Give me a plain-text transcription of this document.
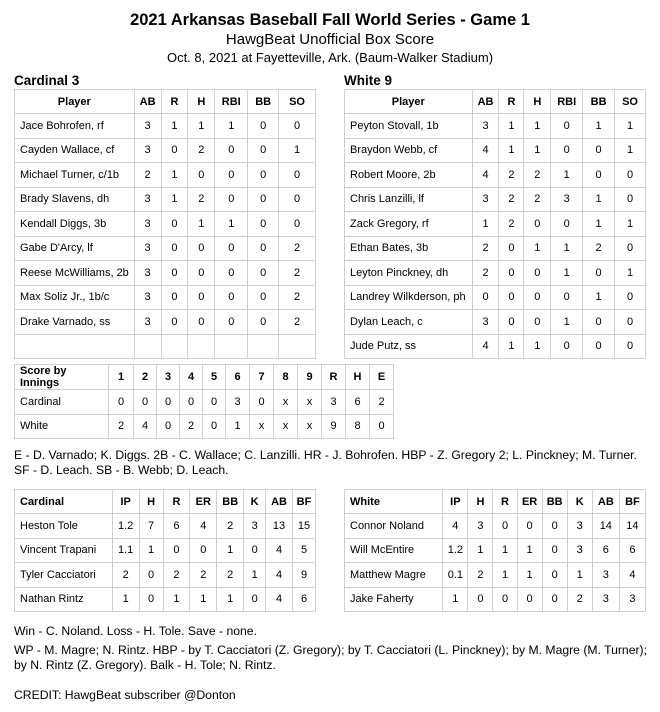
2021 Arkansas Baseball Fall World Series - Game 1
HawgBeat Unofficial Box Score
Oct. 8, 2021 at Fayetteville, Ark. (Baum-Walker Stadium)
Cardinal 3	White 9
Player	AB	R	H	RBI	BB	SO
Jace Bohrofen, rf	3	1	1	1	0	0
Cayden Wallace, cf	3	0	2	0	0	1
Michael Turner, c/1b	2	1	0	0	0	0
Brady Slavens, dh	3	1	2	0	0	0
Kendall Diggs, 3b	3	0	1	1	0	0
Gabe D'Arcy, lf	3	0	0	0	0	2
Reese McWilliams, 2b	3	0	0	0	0	2
Max Soliz Jr., 1b/c	3	0	0	0	0	2
Drake Varnado, ss	3	0	0	0	0	2

Player	AB	R	H	RBI	BB	SO
Peyton Stovall, 1b	3	1	1	0	1	1
Braydon Webb, cf	4	1	1	0	0	1
Robert Moore, 2b	4	2	2	1	0	0
Chris Lanzilli, lf	3	2	2	3	1	0
Zack Gregory, rf	1	2	0	0	1	1
Ethan Bates, 3b	2	0	1	1	2	0
Leyton Pinckney, dh	2	0	0	1	0	1
Landrey Wilkderson, ph	0	0	0	0	1	0
Dylan Leach, c	3	0	0	1	0	0
Jude Putz, ss	4	1	1	0	0	0
Score by Innings	1	2	3	4	5	6	7	8	9	R	H	E
Cardinal	0	0	0	0	0	3	0	x	x	3	6	2
White	2	4	0	2	0	1	x	x	x	9	8	0
E - D. Varnado; K. Diggs. 2B - C. Wallace; C. Lanzilli. HR - J. Bohrofen. HBP - Z. Gregory 2; L. Pinckney; M. Turner.
SF - D. Leach. SB - B. Webb; D. Leach.
Cardinal	IP	H	R	ER	BB	K	AB	BF
Heston Tole	1.2	7	6	4	2	3	13	15
Vincent Trapani	1.1	1	0	0	1	0	4	5
Tyler Cacciatori	2	0	2	2	2	1	4	9
Nathan Rintz	1	0	1	1	1	0	4	6
White	IP	H	R	ER	BB	K	AB	BF
Connor Noland	4	3	0	0	0	3	14	14
Will McEntire	1.2	1	1	1	0	3	6	6
Matthew Magre	0.1	2	1	1	0	1	3	4
Jake Faherty	1	0	0	0	0	2	3	3
Win - C. Noland. Loss - H. Tole. Save - none.
WP - M. Magre; N. Rintz. HBP - by T. Cacciatori (Z. Gregory); by T. Cacciatori (L. Pinckney); by M. Magre (M. Turner);
by N. Rintz (Z. Gregory). Balk - H. Tole; N. Rintz.
CREDIT: HawgBeat subscriber @Donton
